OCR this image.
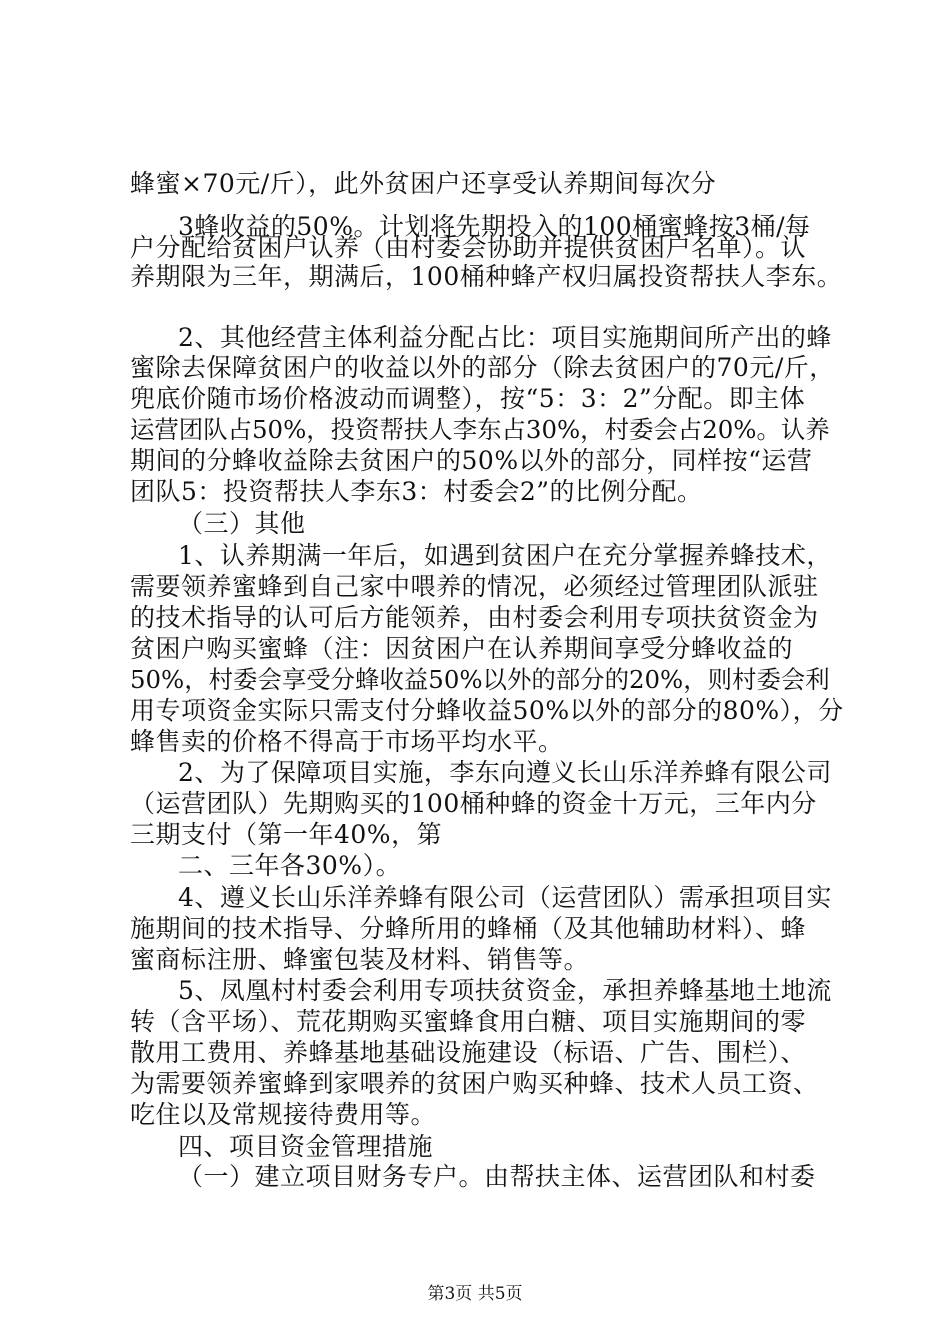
蜂蜜×70元/斤），此外贫困户还享受认养期间每次分
3蜂收益的50%。计划将先期投入的100桶蜜蜂按3桶/每
户分配给贫困户认养（由村委会协助并提供贫困户名单）。认
养期限为三年，期满后，100桶种蜂产权归属投资帮扶人李东。
2、其他经营主体利益分配占比：项目实施期间所产出的蜂
蜜除去保障贫困户的收益以外的部分（除去贫困户的70元/斤，
兜底价随市场价格波动而调整），按“5：3：2”分配。即主体
运营团队占50%，投资帮扶人李东占30%，村委会占20%。认养
期间的分蜂收益除去贫困户的50%以外的部分，同样按“运营
团队5：投资帮扶人李东3：村委会2”的比例分配。
（三）其他
1、认养期满一年后，如遇到贫困户在充分掌握养蜂技术，
需要领养蜜蜂到自己家中喂养的情况，必须经过管理团队派驻
的技术指导的认可后方能领养，由村委会利用专项扶贫资金为
贫困户购买蜜蜂（注：因贫困户在认养期间享受分蜂收益的
50%，村委会享受分蜂收益50%以外的部分的20%，则村委会利
用专项资金实际只需支付分蜂收益50%以外的部分的80%），分
蜂售卖的价格不得高于市场平均水平。
2、为了保障项目实施，李东向遵义长山乐洋养蜂有限公司
（运营团队）先期购买的100桶种蜂的资金十万元，三年内分
三期支付（第一年40%，第
二、三年各30%）。
4、遵义长山乐洋养蜂有限公司（运营团队）需承担项目实
施期间的技术指导、分蜂所用的蜂桶（及其他辅助材料）、蜂
蜜商标注册、蜂蜜包装及材料、销售等。
5、凤凰村村委会利用专项扶贫资金，承担养蜂基地土地流
转（含平场）、荒花期购买蜜蜂食用白糖、项目实施期间的零
散用工费用、养蜂基地基础设施建设（标语、广告、围栏）、
为需要领养蜜蜂到家喂养的贫困户购买种蜂、技术人员工资、
吃住以及常规接待费用等。
四、项目资金管理措施
（一）建立项目财务专户。由帮扶主体、运营团队和村委
第3页 共5页
